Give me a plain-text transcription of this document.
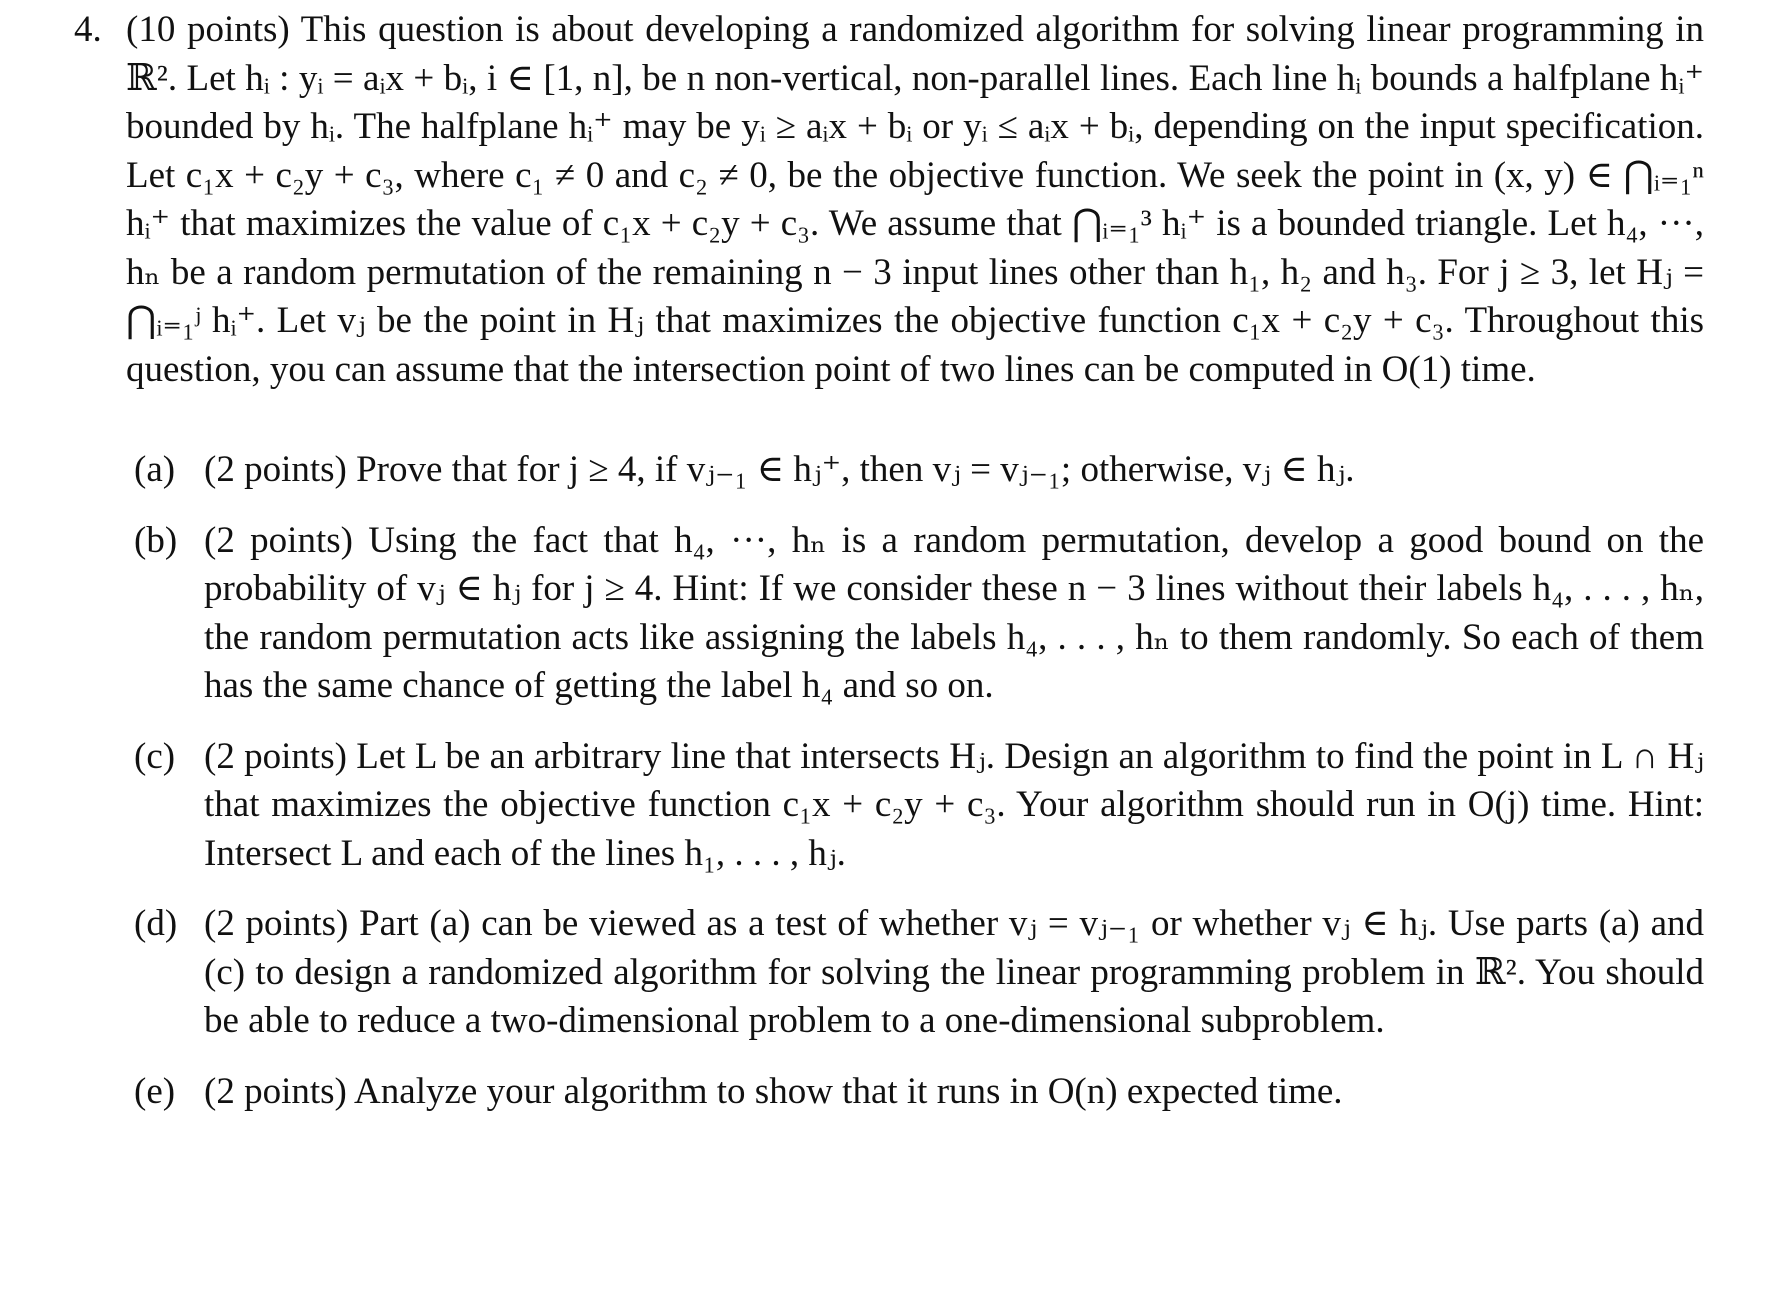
4. (10 points) This question is about developing a randomized algorithm for solving linear programming in ℝ². Let hᵢ : yᵢ = aᵢx + bᵢ, i ∈ [1, n], be n non-vertical, non-parallel lines. Each line hᵢ bounds a halfplane hᵢ⁺ bounded by hᵢ. The halfplane hᵢ⁺ may be yᵢ ≥ aᵢx + bᵢ or yᵢ ≤ aᵢx + bᵢ, depending on the input specification. Let c₁x + c₂y + c₃, where c₁ ≠ 0 and c₂ ≠ 0, be the objective function. We seek the point in (x, y) ∈ ⋂ᵢ₌₁ⁿ hᵢ⁺ that maximizes the value of c₁x + c₂y + c₃. We assume that ⋂ᵢ₌₁³ hᵢ⁺ is a bounded triangle. Let h₄, ···, hₙ be a random permutation of the remaining n − 3 input lines other than h₁, h₂ and h₃. For j ≥ 3, let Hⱼ = ⋂ᵢ₌₁ʲ hᵢ⁺. Let vⱼ be the point in Hⱼ that maximizes the objective function c₁x + c₂y + c₃. Throughout this question, you can assume that the intersection point of two lines can be computed in O(1) time.
(a) (2 points) Prove that for j ≥ 4, if vⱼ₋₁ ∈ hⱼ⁺, then vⱼ = vⱼ₋₁; otherwise, vⱼ ∈ hⱼ.
(b) (2 points) Using the fact that h₄, ···, hₙ is a random permutation, develop a good bound on the probability of vⱼ ∈ hⱼ for j ≥ 4. Hint: If we consider these n − 3 lines without their labels h₄, . . . , hₙ, the random permutation acts like assigning the labels h₄, . . . , hₙ to them randomly. So each of them has the same chance of getting the label h₄ and so on.
(c) (2 points) Let L be an arbitrary line that intersects Hⱼ. Design an algorithm to find the point in L ∩ Hⱼ that maximizes the objective function c₁x + c₂y + c₃. Your algorithm should run in O(j) time. Hint: Intersect L and each of the lines h₁, . . . , hⱼ.
(d) (2 points) Part (a) can be viewed as a test of whether vⱼ = vⱼ₋₁ or whether vⱼ ∈ hⱼ. Use parts (a) and (c) to design a randomized algorithm for solving the linear programming problem in ℝ². You should be able to reduce a two-dimensional problem to a one-dimensional subproblem.
(e) (2 points) Analyze your algorithm to show that it runs in O(n) expected time.
